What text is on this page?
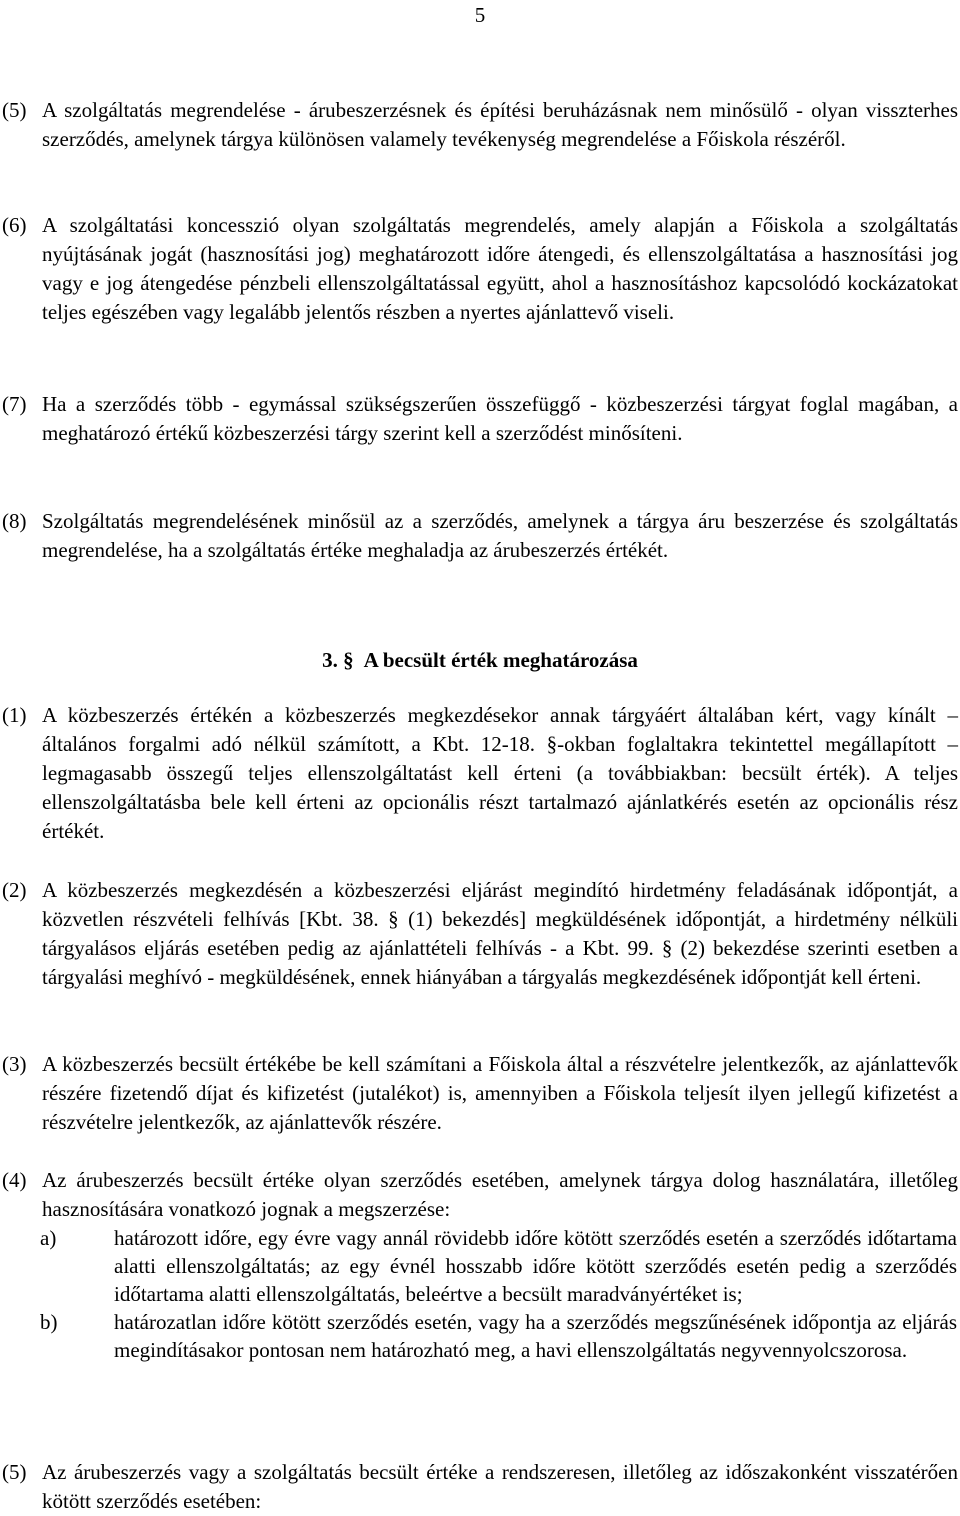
5
(5) A szolgáltatás megrendelése - árubeszerzésnek és építési beruházásnak nem minősülő - olyan visszterhes szerződés, amelynek tárgya különösen valamely tevékenység megrendelése a Főiskola részéről.
(6) A szolgáltatási koncesszió olyan szolgáltatás megrendelés, amely alapján a Főiskola a szolgáltatás nyújtásának jogát (hasznosítási jog) meghatározott időre átengedi, és ellenszolgáltatása a hasznosítási jog vagy e jog átengedése pénzbeli ellenszolgáltatással együtt, ahol a hasznosításhoz kapcsolódó kockázatokat teljes egészében vagy legalább jelentős részben a nyertes ajánlattevő viseli.
(7) Ha a szerződés több - egymással szükségszerűen összefüggő - közbeszerzési tárgyat foglal magában, a meghatározó értékű közbeszerzési tárgy szerint kell a szerződést minősíteni.
(8) Szolgáltatás megrendelésének minősül az a szerződés, amelynek a tárgya áru beszerzése és szolgáltatás megrendelése, ha a szolgáltatás értéke meghaladja az árubeszerzés értékét.
3. § A becsült érték meghatározása
(1) A közbeszerzés értékén a közbeszerzés megkezdésekor annak tárgyáért általában kért, vagy kínált – általános forgalmi adó nélkül számított, a Kbt. 12-18. §-okban foglaltakra tekintettel megállapított – legmagasabb összegű teljes ellenszolgáltatást kell érteni (a továbbiakban: becsült érték). A teljes ellenszolgáltatásba bele kell érteni az opcionális részt tartalmazó ajánlatkérés esetén az opcionális rész értékét.
(2) A közbeszerzés megkezdésén a közbeszerzési eljárást megindító hirdetmény feladásának időpontját, a közvetlen részvételi felhívás [Kbt. 38. § (1) bekezdés] megküldésének időpontját, a hirdetmény nélküli tárgyalásos eljárás esetében pedig az ajánlattételi felhívás - a Kbt. 99. § (2) bekezdése szerinti esetben a tárgyalási meghívó - megküldésének, ennek hiányában a tárgyalás megkezdésének időpontját kell érteni.
(3) A közbeszerzés becsült értékébe be kell számítani a Főiskola által a részvételre jelentkezők, az ajánlattevők részére fizetendő díjat és kifizetést (jutalékot) is, amennyiben a Főiskola teljesít ilyen jellegű kifizetést a részvételre jelentkezők, az ajánlattevők részére.
(4) Az árubeszerzés becsült értéke olyan szerződés esetében, amelynek tárgya dolog használatára, illetőleg hasznosítására vonatkozó jognak a megszerzése:
a)	határozott időre, egy évre vagy annál rövidebb időre kötött szerződés esetén a szerződés időtartama alatti ellenszolgáltatás; az egy évnél hosszabb időre kötött szerződés esetén pedig a szerződés időtartama alatti ellenszolgáltatás, beleértve a becsült maradványértéket is;
b)	határozatlan időre kötött szerződés esetén, vagy ha a szerződés megszűnésének időpontja az eljárás megindításakor pontosan nem határozható meg, a havi ellenszolgáltatás negyvennyolcszorosa.
(5) Az árubeszerzés vagy a szolgáltatás becsült értéke a rendszeresen, illetőleg az időszakonként visszatérően kötött szerződés esetében:
